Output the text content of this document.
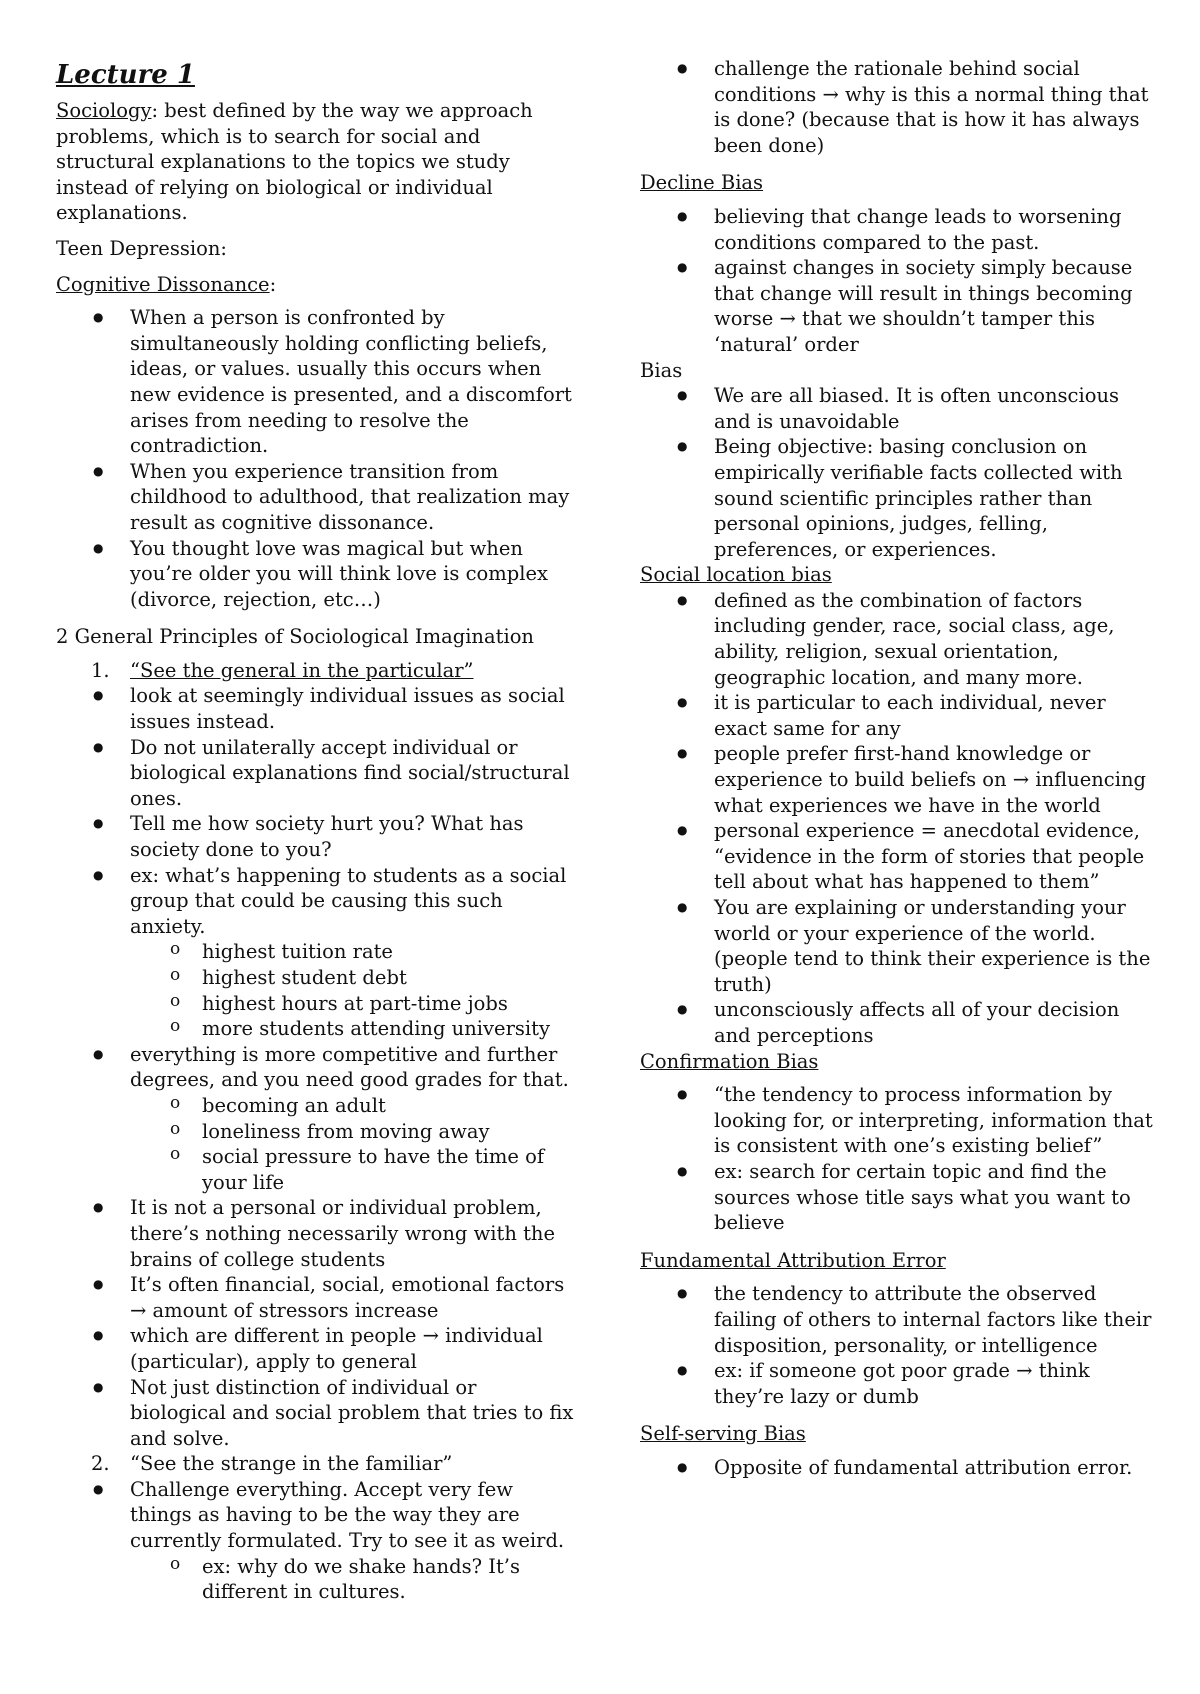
Lecture 1

Sociology: best defined by the way we approach problems, which is to search for social and structural explanations to the topics we study instead of relying on biological or individual explanations.

Teen Depression:

Cognitive Dissonance:

● When a person is confronted by simultaneously holding conflicting beliefs, ideas, or values. usually this occurs when new evidence is presented, and a discomfort arises from needing to resolve the contradiction.
● When you experience transition from childhood to adulthood, that realization may result as cognitive dissonance.
● You thought love was magical but when you’re older you will think love is complex (divorce, rejection, etc…)

2 General Principles of Sociological Imagination

1. “See the general in the particular”
● look at seemingly individual issues as social issues instead.
● Do not unilaterally accept individual or biological explanations find social/structural ones.
● Tell me how society hurt you? What has society done to you?
● ex: what’s happening to students as a social group that could be causing this such anxiety.
o highest tuition rate
o highest student debt
o highest hours at part-time jobs
o more students attending university
● everything is more competitive and further degrees, and you need good grades for that.
o becoming an adult
o loneliness from moving away
o social pressure to have the time of your life
● It is not a personal or individual problem, there’s nothing necessarily wrong with the brains of college students
● It’s often financial, social, emotional factors → amount of stressors increase
● which are different in people → individual (particular), apply to general
● Not just distinction of individual or biological and social problem that tries to fix and solve.
2. “See the strange in the familiar”
● Challenge everything. Accept very few things as having to be the way they are currently formulated. Try to see it as weird.
o ex: why do we shake hands? It’s different in cultures.
● challenge the rationale behind social conditions → why is this a normal thing that is done? (because that is how it has always been done)

Decline Bias

● believing that change leads to worsening conditions compared to the past.
● against changes in society simply because that change will result in things becoming worse → that we shouldn’t tamper this ‘natural’ order

Bias

● We are all biased. It is often unconscious and is unavoidable
● Being objective: basing conclusion on empirically verifiable facts collected with sound scientific principles rather than personal opinions, judges, felling, preferences, or experiences.

Social location bias

● defined as the combination of factors including gender, race, social class, age, ability, religion, sexual orientation, geographic location, and many more.
● it is particular to each individual, never exact same for any
● people prefer first-hand knowledge or experience to build beliefs on → influencing what experiences we have in the world
● personal experience = anecdotal evidence, “evidence in the form of stories that people tell about what has happened to them”
● You are explaining or understanding your world or your experience of the world. (people tend to think their experience is the truth)
● unconsciously affects all of your decision and perceptions

Confirmation Bias

● “the tendency to process information by looking for, or interpreting, information that is consistent with one’s existing belief”
● ex: search for certain topic and find the sources whose title says what you want to believe

Fundamental Attribution Error

● the tendency to attribute the observed failing of others to internal factors like their disposition, personality, or intelligence
● ex: if someone got poor grade → think they’re lazy or dumb

Self-serving Bias

● Opposite of fundamental attribution error.
